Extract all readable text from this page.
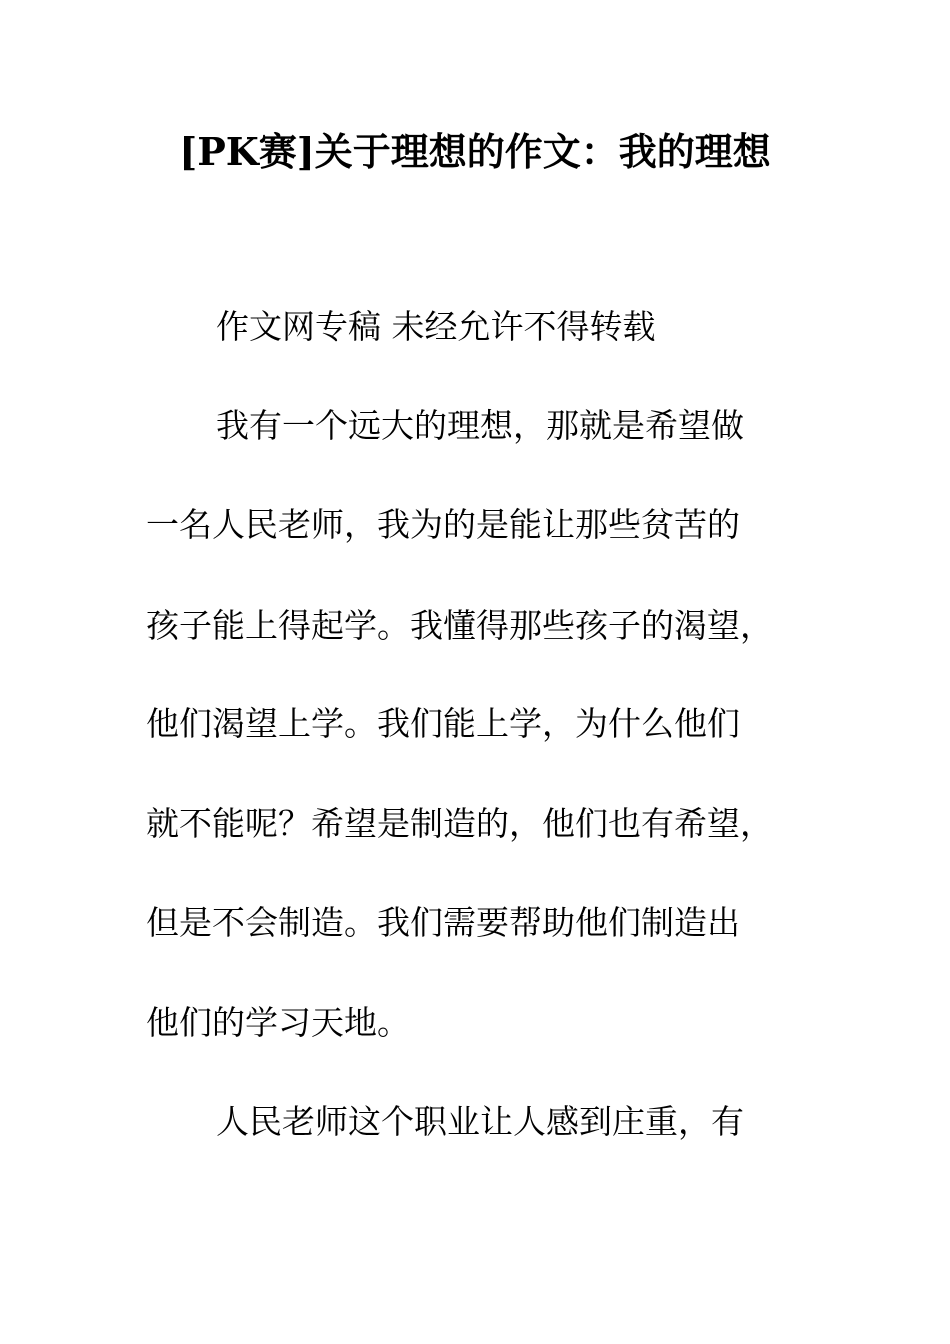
[PK赛]关于理想的作文：我的理想
作文网专稿 未经允许不得转载
我有一个远大的理想，那就是希望做
一名人民老师，我为的是能让那些贫苦的
孩子能上得起学。我懂得那些孩子的渴望，
他们渴望上学。我们能上学，为什么他们
就不能呢？希望是制造的，他们也有希望，
但是不会制造。我们需要帮助他们制造出
他们的学习天地。
人民老师这个职业让人感到庄重，有
